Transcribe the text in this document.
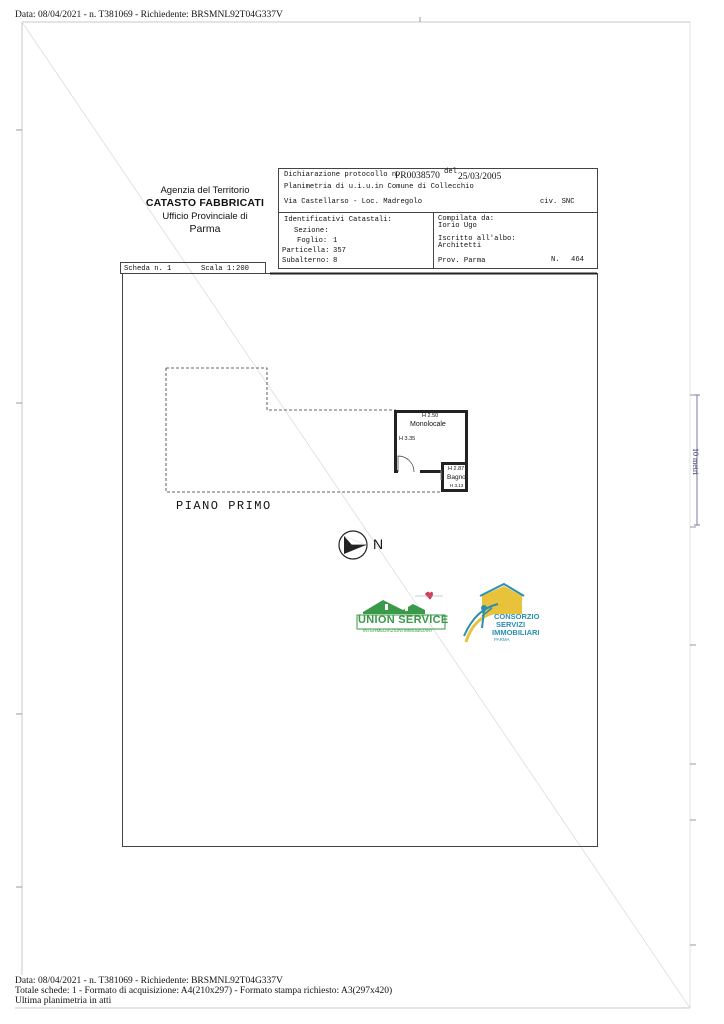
Data: 08/04/2021 - n. T381069 - Richiedente: BRSMNL92T04G337V
10 metri
Agenzia del Territorio
CATASTO FABBRICATI
Ufficio Provinciale di
Parma
Dichiarazione protocollo n.
PR0038570 del 25/03/2005
Planimetria di u.i.u.in Comune di Collecchio
Via Castellarso - Loc. Madregolo	civ. SNC
Identificativi Catastali:
Sezione:
Foglio: 1
Particella: 357
Subalterno: 8
Compilata da:
Iorio Ugo
Iscritto all'albo:
Architetti
Prov. Parma	N. 464
Scheda n. 1	Scala 1: 200
H 2.50
Monolocale
H 3.35
H 2.87
Bagno
H 3.13
PIANO PRIMO
N
UNION SERVICE
INTERMEDIAZIONI IMMOBILIARI
CONSORZIO
SERVIZI
IMMOBILIARI
PARMA
Data: 08/04/2021 - n. T381069 - Richiedente: BRSMNL92T04G337V
Totale schede: 1 - Formato di acquisizione: A4(210x297) - Formato stampa richiesto: A3(297x420)
Ultima planimetria in atti
